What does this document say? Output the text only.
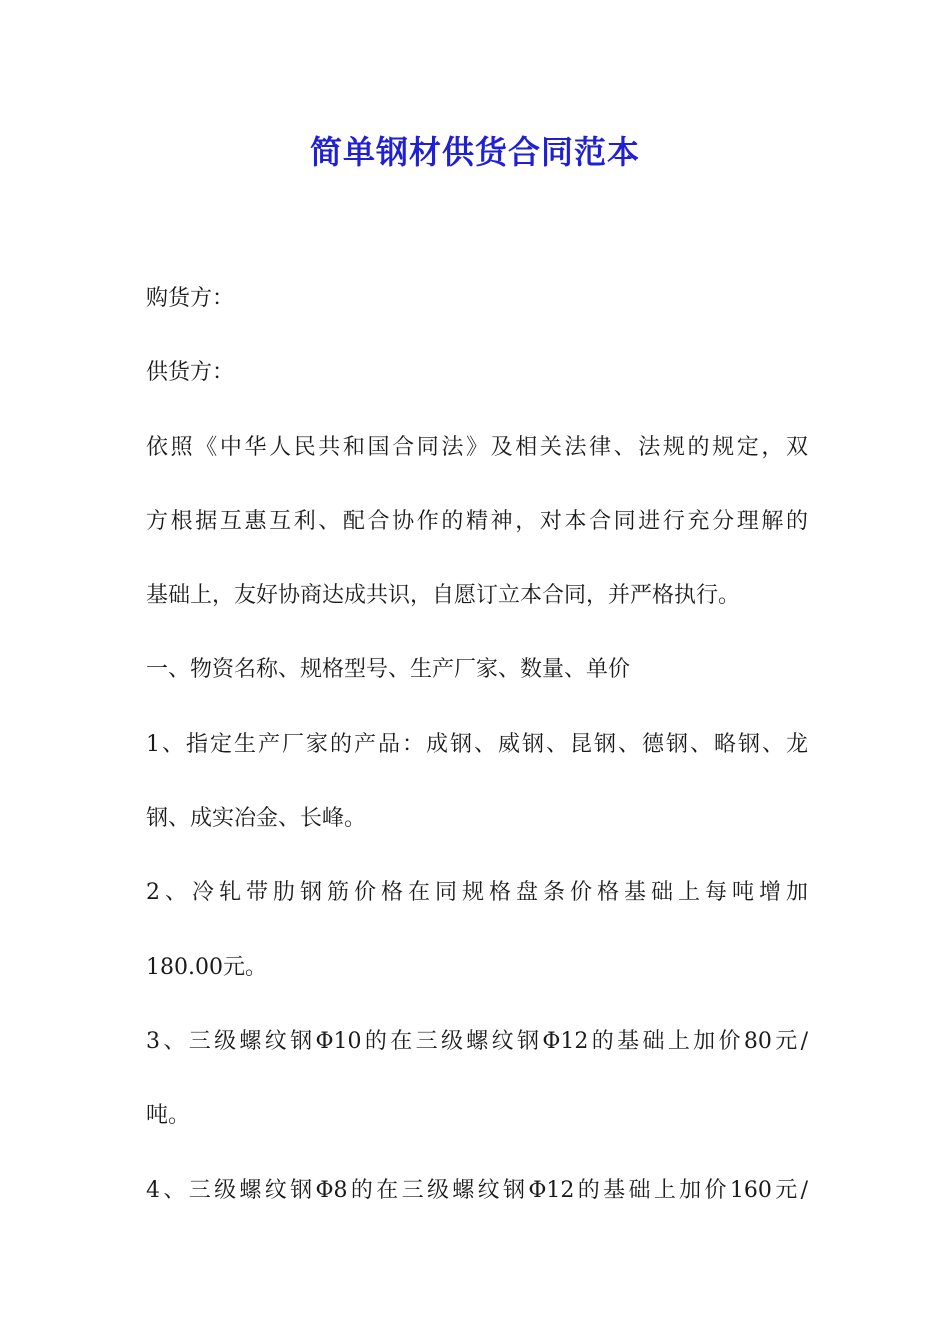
简单钢材供货合同范本
购货方：
供货方：
依照《中华人民共和国合同法》及相关法律、法规的规定，双
方根据互惠互利、配合协作的精神，对本合同进行充分理解的
基础上，友好协商达成共识，自愿订立本合同，并严格执行。
一、物资名称、规格型号、生产厂家、数量、单价
1、指定生产厂家的产品：成钢、威钢、昆钢、德钢、略钢、龙
钢、成实冶金、长峰。
2、冷轧带肋钢筋价格在同规格盘条价格基础上每吨增加
180.00元。
3、三级螺纹钢Φ10的在三级螺纹钢Φ12的基础上加价80元/
吨。
4、三级螺纹钢Φ8的在三级螺纹钢Φ12的基础上加价160元/
